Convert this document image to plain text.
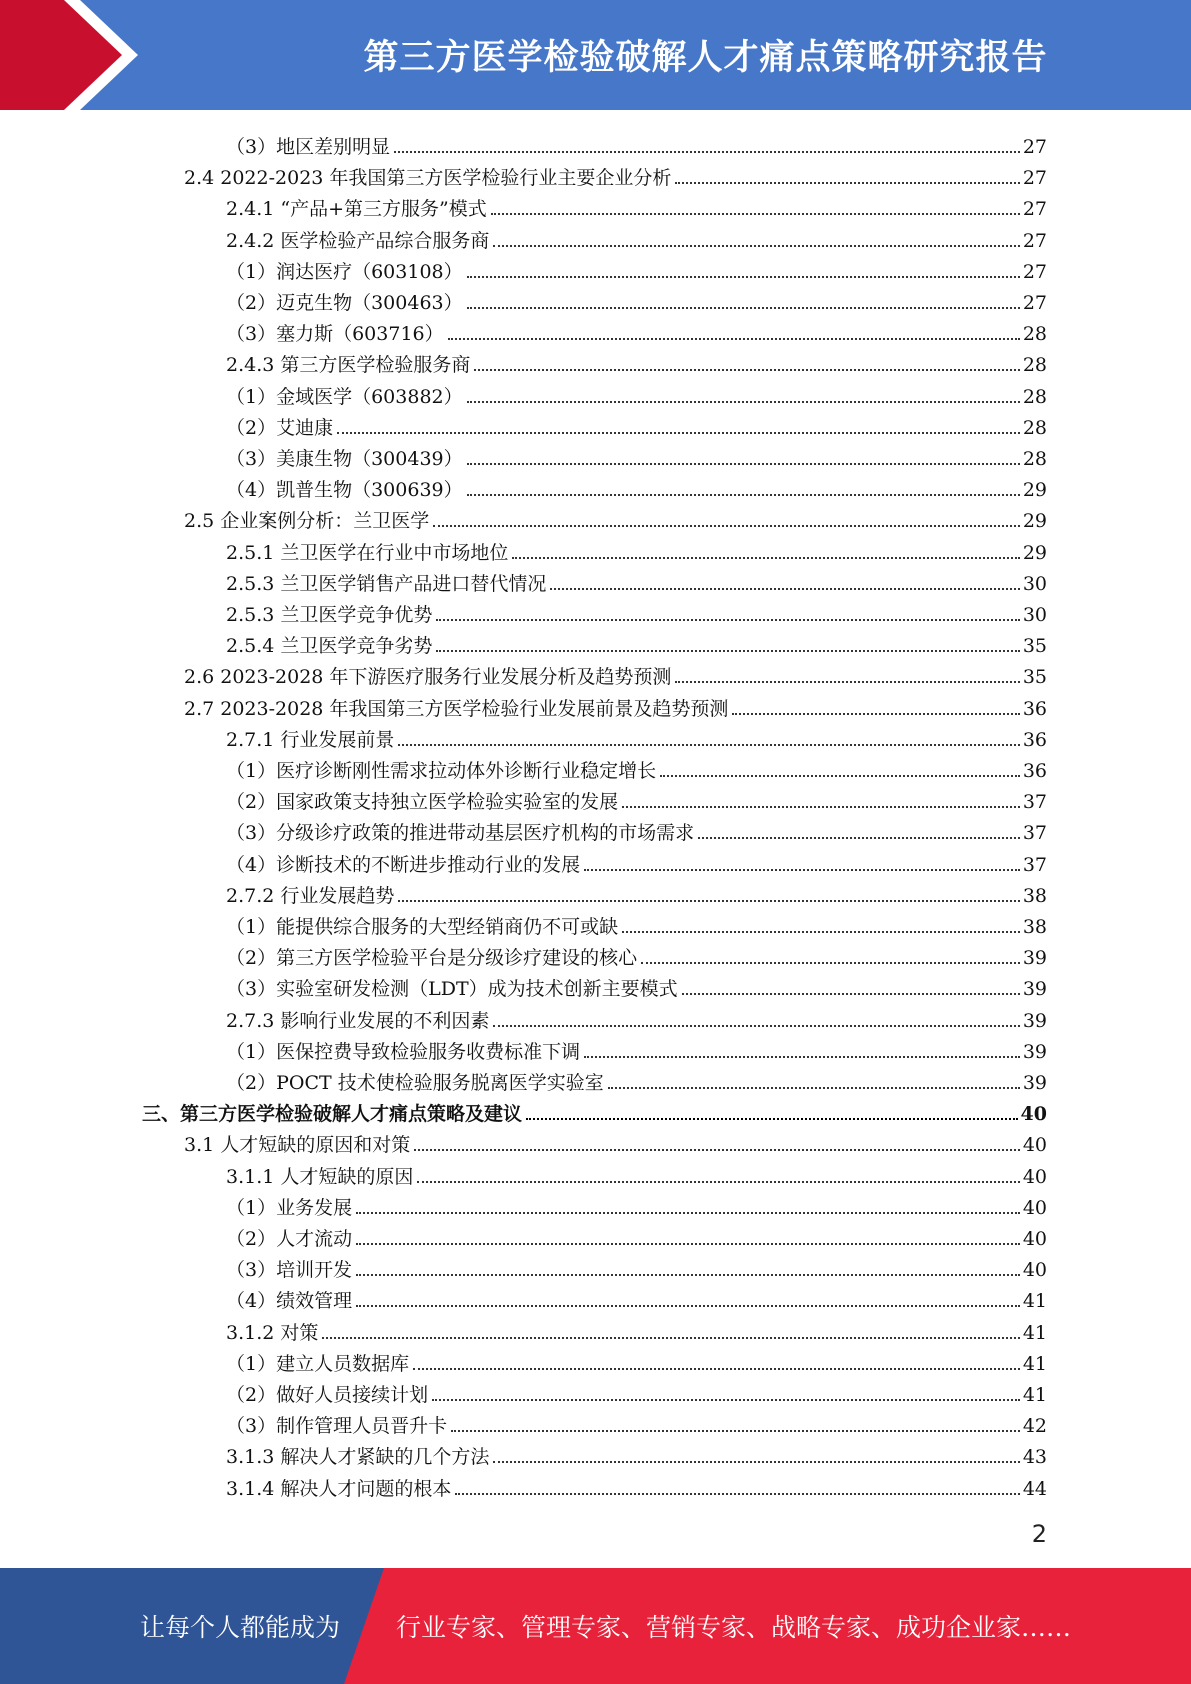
第三方医学检验破解人才痛点策略研究报告
（3）地区差别明显	27
2.4 2022-2023 年我国第三方医学检验行业主要企业分析	27
2.4.1 “产品+第三方服务”模式	27
2.4.2 医学检验产品综合服务商	27
（1）润达医疗（603108）	27
（2）迈克生物（300463）	27
（3）塞力斯（603716）	28
2.4.3 第三方医学检验服务商	28
（1）金域医学（603882）	28
（2）艾迪康	28
（3）美康生物（300439）	28
（4）凯普生物（300639）	29
2.5 企业案例分析：兰卫医学	29
2.5.1 兰卫医学在行业中市场地位	29
2.5.3 兰卫医学销售产品进口替代情况	30
2.5.3 兰卫医学竞争优势	30
2.5.4 兰卫医学竞争劣势	35
2.6 2023-2028 年下游医疗服务行业发展分析及趋势预测	35
2.7 2023-2028 年我国第三方医学检验行业发展前景及趋势预测	36
2.7.1 行业发展前景	36
（1）医疗诊断刚性需求拉动体外诊断行业稳定增长	36
（2）国家政策支持独立医学检验实验室的发展	37
（3）分级诊疗政策的推进带动基层医疗机构的市场需求	37
（4）诊断技术的不断进步推动行业的发展	37
2.7.2 行业发展趋势	38
（1）能提供综合服务的大型经销商仍不可或缺	38
（2）第三方医学检验平台是分级诊疗建设的核心	39
（3）实验室研发检测（LDT）成为技术创新主要模式	39
2.7.3 影响行业发展的不利因素	39
（1）医保控费导致检验服务收费标准下调	39
（2）POCT 技术使检验服务脱离医学实验室	39
三、第三方医学检验破解人才痛点策略及建议	40
3.1 人才短缺的原因和对策	40
3.1.1 人才短缺的原因	40
（1）业务发展	40
（2）人才流动	40
（3）培训开发	40
（4）绩效管理	41
3.1.2 对策	41
（1）建立人员数据库	41
（2）做好人员接续计划	41
（3）制作管理人员晋升卡	42
3.1.3 解决人才紧缺的几个方法	43
3.1.4 解决人才问题的根本	44
2
让每个人都能成为 行业专家、管理专家、营销专家、战略专家、成功企业家……
